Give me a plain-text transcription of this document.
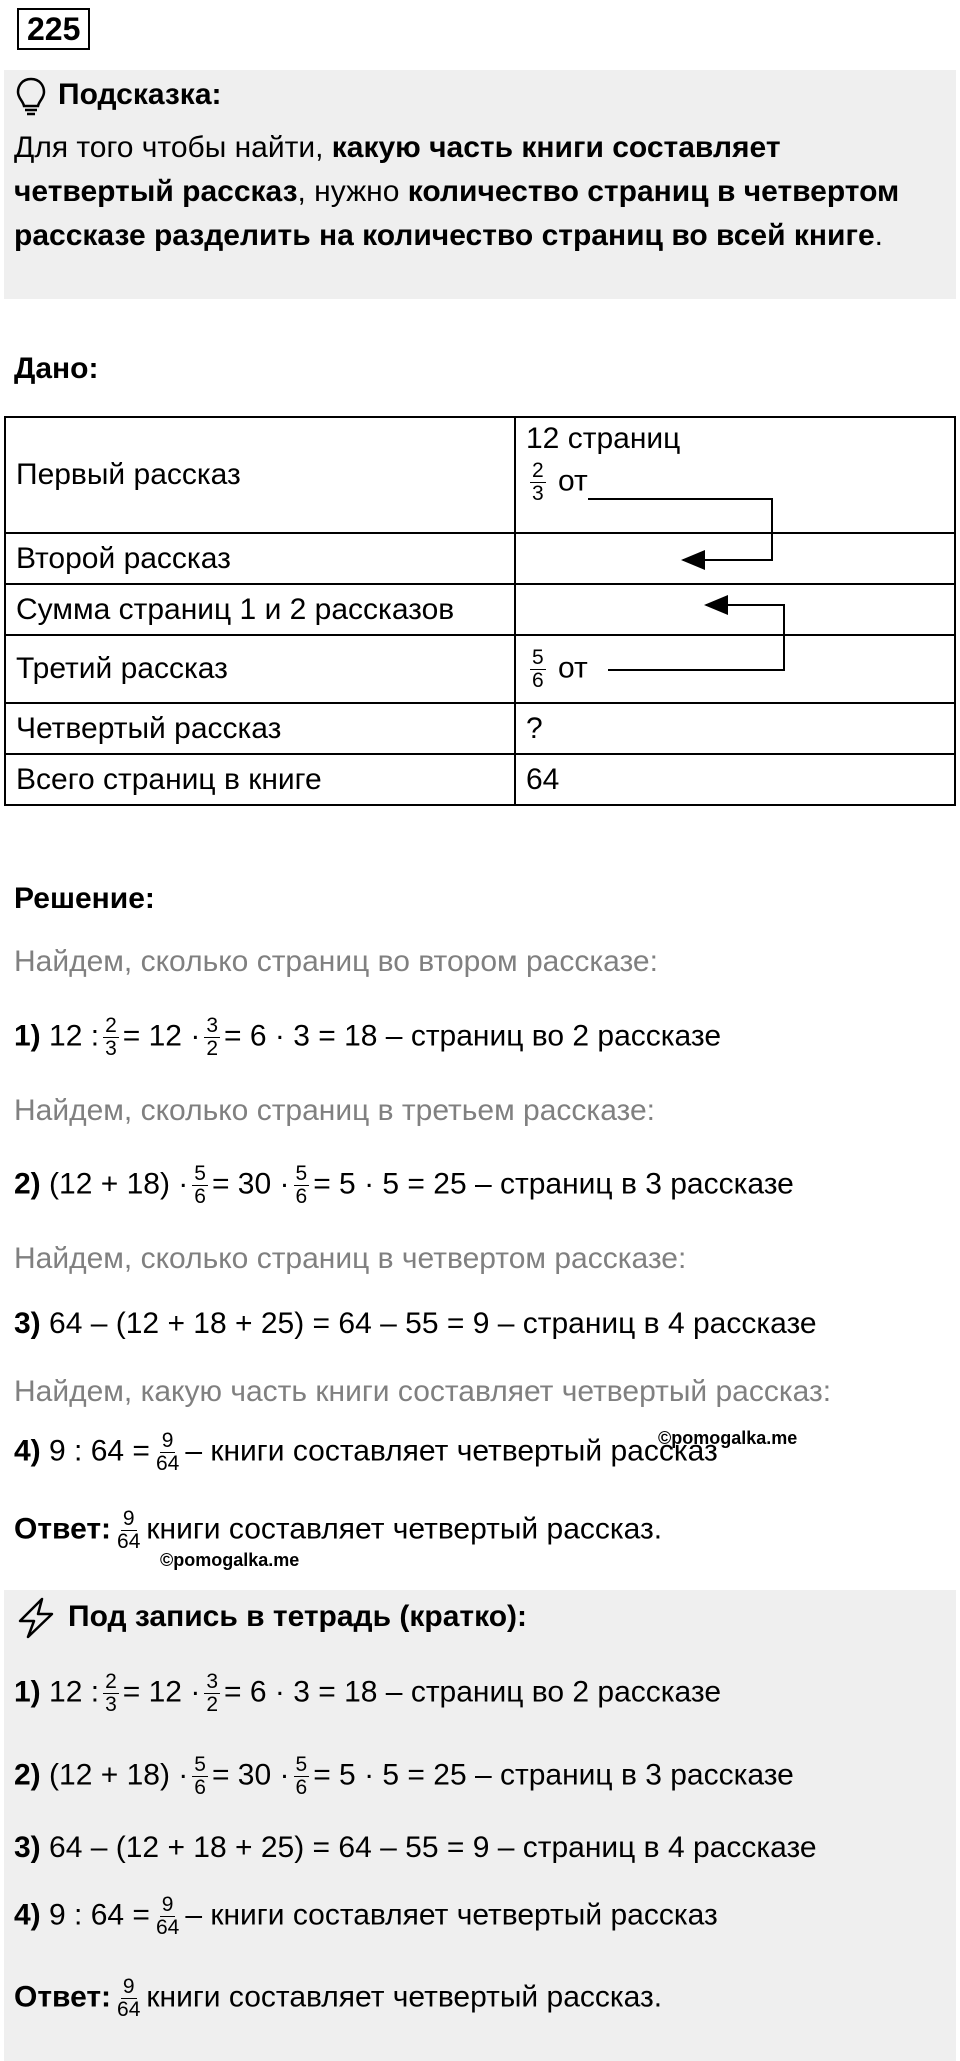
225
Подсказка:
Для того чтобы найти, какую часть книги составляет четвертый рассказ, нужно количество страниц в четвертом рассказе разделить на количество страниц во всей книге.
Дано:
Первый рассказ	12 страниц
$\frac{2}{3}$ от

Второй рассказ	
Сумма страниц 1 и 2 рассказов	
Третий рассказ	$\frac{5}{6}$ от
Четвертый рассказ	?
Всего страниц в книге	64
Решение:
Найдем, сколько страниц во втором рассказе:
1) 12 : $\frac{2}{3} = 12 \cdot \frac{3}{2} = 6 \cdot 3 = 18$ – страниц во 2 рассказе
Найдем, сколько страниц в третьем рассказе:
2) $(12 + 18) \cdot \frac{5}{6} = 30 \cdot \frac{5}{6} = 5 \cdot 5 = 25$ – страниц в 3 рассказе
Найдем, сколько страниц в четвертом рассказе:
3) 64 – (12 + 18 + 25) = 64 – 55 = 9 – страниц в 4 рассказе
Найдем, какую часть книги составляет четвертый рассказ:
4) 9 : $64 = \frac{9}{64}$ – книги составляет четвертый рассказ
©pomogalka.me
Ответ: $\frac{9}{64}$ книги составляет четвертый рассказ.
©pomogalka.me
Под запись в тетрадь (кратко):
1) 12 : $\frac{2}{3} = 12 \cdot \frac{3}{2} = 6 \cdot 3 = 18$ – страниц во 2 рассказе
2) $(12 + 18) \cdot \frac{5}{6} = 30 \cdot \frac{5}{6} = 5 \cdot 5 = 25$ – страниц в 3 рассказе
3) 64 – (12 + 18 + 25) = 64 – 55 = 9 – страниц в 4 рассказе
4) 9 : $64 = \frac{9}{64}$ – книги составляет четвертый рассказ
Ответ: $\frac{9}{64}$ книги составляет четвертый рассказ.
